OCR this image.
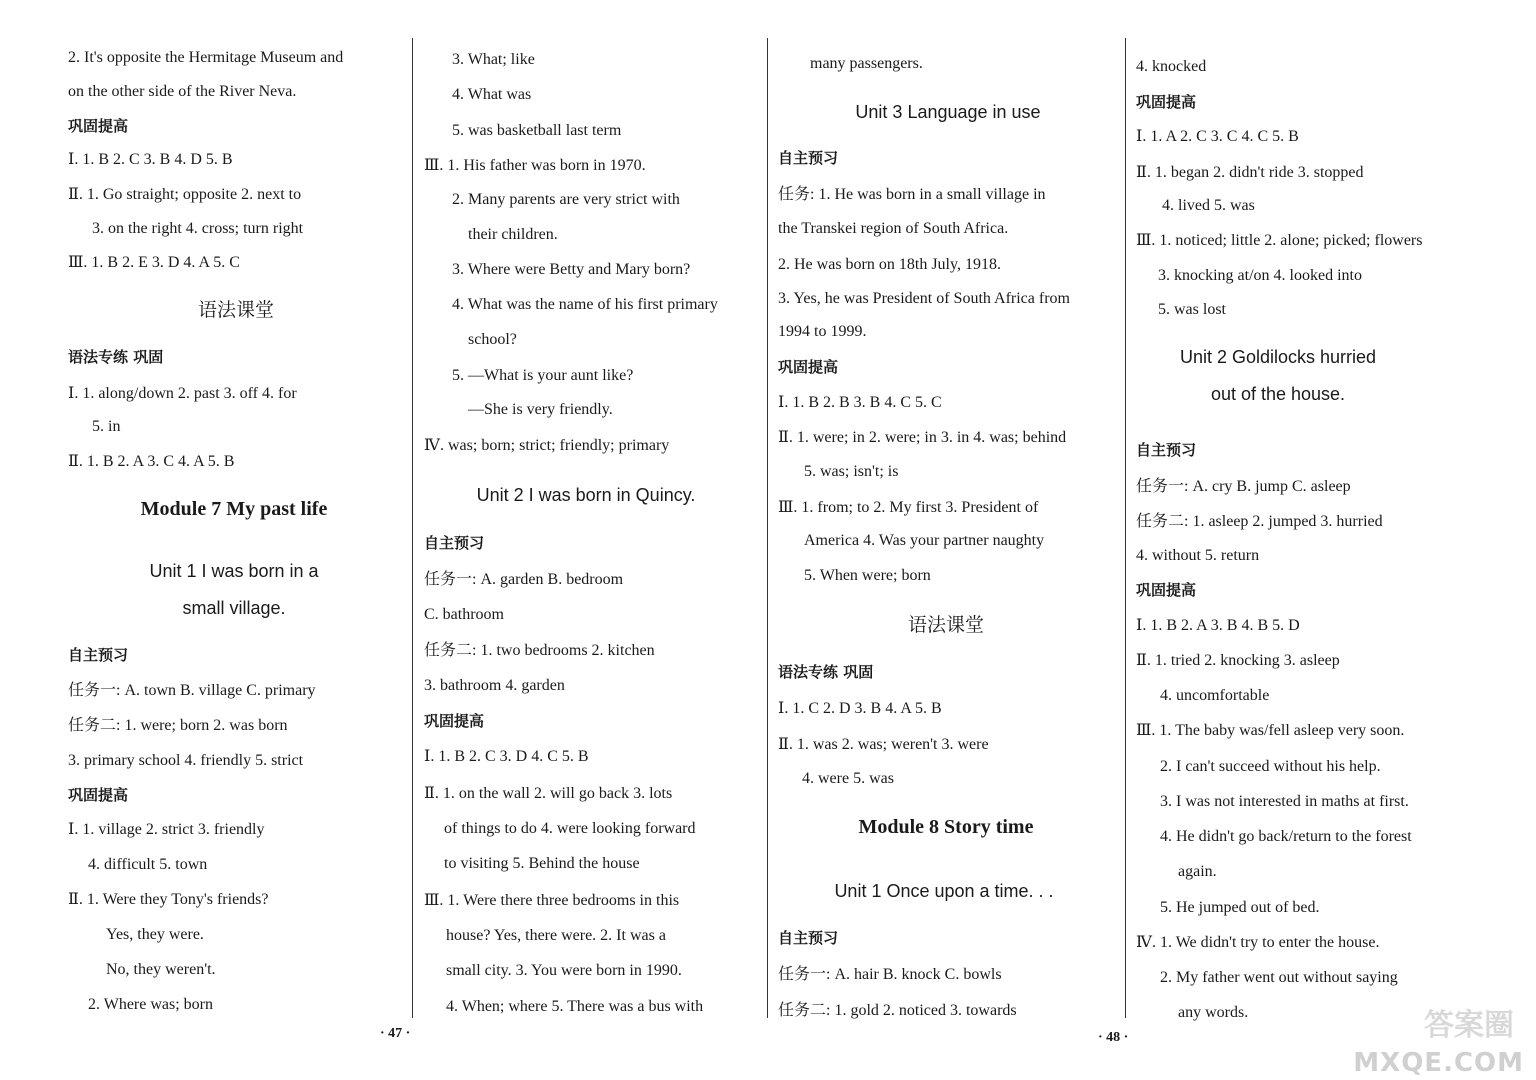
2. It's opposite the Hermitage Museum and
on the other side of the River Neva.
巩固提高
Ⅰ. 1. B 2. C 3. B 4. D 5. B
Ⅱ. 1. Go straight; opposite 2. next to
3. on the right 4. cross; turn right
Ⅲ. 1. B 2. E 3. D 4. A 5. C
语法课堂
语法专练 巩固
Ⅰ. 1. along/down 2. past 3. off 4. for
5. in
Ⅱ. 1. B 2. A 3. C 4. A 5. B
Module 7 My past life
Unit 1 I was born in a
small village.
自主预习
任务一: A. town B. village C. primary
任务二: 1. were; born 2. was born
3. primary school 4. friendly 5. strict
巩固提高
Ⅰ. 1. village 2. strict 3. friendly
4. difficult 5. town
Ⅱ. 1. Were they Tony's friends?
Yes, they were.
No, they weren't.
2. Where was; born
3. What; like
4. What was
5. was basketball last term
Ⅲ. 1. His father was born in 1970.
2. Many parents are very strict with
their children.
3. Where were Betty and Mary born?
4. What was the name of his first primary
school?
5. —What is your aunt like?
—She is very friendly.
Ⅳ. was; born; strict; friendly; primary
Unit 2 I was born in Quincy.
自主预习
任务一: A. garden B. bedroom
C. bathroom
任务二: 1. two bedrooms 2. kitchen
3. bathroom 4. garden
巩固提高
Ⅰ. 1. B 2. C 3. D 4. C 5. B
Ⅱ. 1. on the wall 2. will go back 3. lots
of things to do 4. were looking forward
to visiting 5. Behind the house
Ⅲ. 1. Were there three bedrooms in this
house? Yes, there were. 2. It was a
small city. 3. You were born in 1990.
4. When; where 5. There was a bus with
many passengers.
Unit 3 Language in use
自主预习
任务: 1. He was born in a small village in
the Transkei region of South Africa.
2. He was born on 18th July, 1918.
3. Yes, he was President of South Africa from
1994 to 1999.
巩固提高
Ⅰ. 1. B 2. B 3. B 4. C 5. C
Ⅱ. 1. were; in 2. were; in 3. in 4. was; behind
5. was; isn't; is
Ⅲ. 1. from; to 2. My first 3. President of
America 4. Was your partner naughty
5. When were; born
语法课堂
语法专练 巩固
Ⅰ. 1. C 2. D 3. B 4. A 5. B
Ⅱ. 1. was 2. was; weren't 3. were
4. were 5. was
Module 8 Story time
Unit 1 Once upon a time. . .
自主预习
任务一: A. hair B. knock C. bowls
任务二: 1. gold 2. noticed 3. towards
4. knocked
巩固提高
Ⅰ. 1. A 2. C 3. C 4. C 5. B
Ⅱ. 1. began 2. didn't ride 3. stopped
4. lived 5. was
Ⅲ. 1. noticed; little 2. alone; picked; flowers
3. knocking at/on 4. looked into
5. was lost
Unit 2 Goldilocks hurried
out of the house.
自主预习
任务一: A. cry B. jump C. asleep
任务二: 1. asleep 2. jumped 3. hurried
4. without 5. return
巩固提高
Ⅰ. 1. B 2. A 3. B 4. B 5. D
Ⅱ. 1. tried 2. knocking 3. asleep
4. uncomfortable
Ⅲ. 1. The baby was/fell asleep very soon.
2. I can't succeed without his help.
3. I was not interested in maths at first.
4. He didn't go back/return to the forest
again.
5. He jumped out of bed.
Ⅳ. 1. We didn't try to enter the house.
2. My father went out without saying
any words.
· 47 ·	· 48 ·	答案圈
MXQE.COM
